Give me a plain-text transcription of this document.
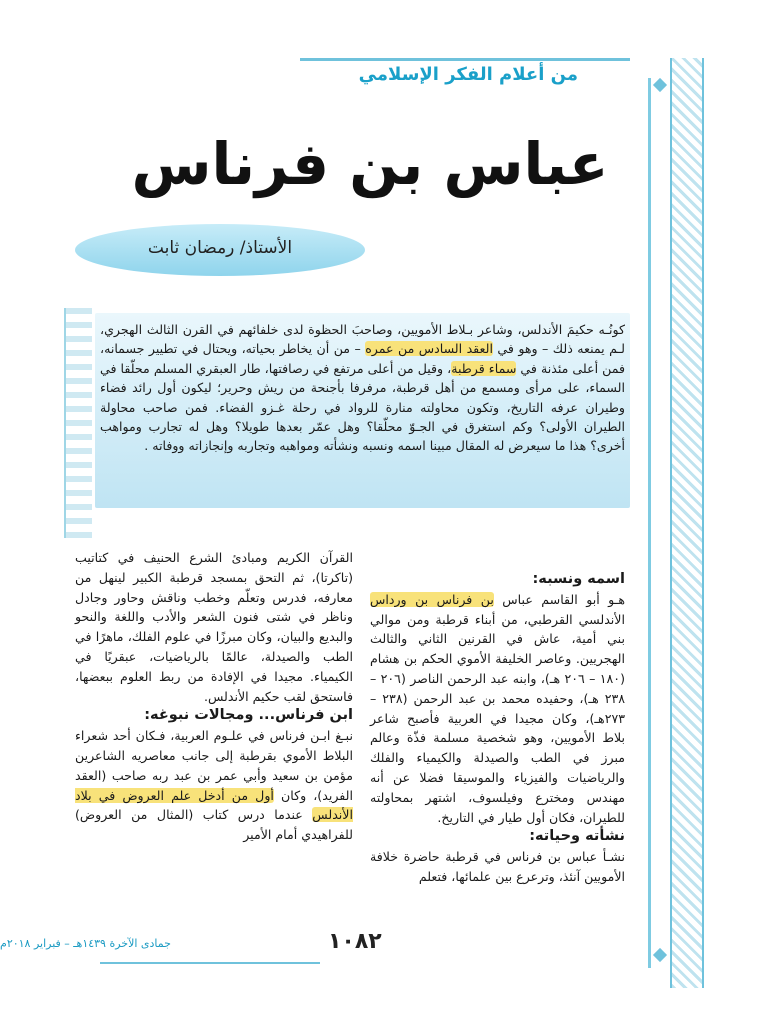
من أعلام الفكر الإسلامي
عباس بن فرناس
الأستاذ/ رمضان ثابت
كونُـه حكيمَ الأندلس، وشاعر بـلاط الأمويين، وصاحبَ الحظوة لدى خلفائهم في القرن الثالث الهجري، لـم يمنعه ذلك – وهو في العقد السادس من عمره – من أن يخاطر بحياته، ويحتال في تطيير جسمانه، فمن أعلى مئذنة في سماء قرطبة، وقيل من أعلى مرتفع في رصافتها، طار العبقري المسلم محلّقا في السماء، على مرأى ومسمع من أهل قرطبة، مرفرفا بأجنحة من ريش وحرير؛ ليكون أول رائد فضاء وطيران عرفه التاريخ، وتكون محاولته منارة للرواد في رحلة غـزو الفضاء. فمن صاحب محاولة الطيران الأولى؟ وكم استغرق في الجـوّ محلّقا؟ وهل عمّر بعدها طويلا؟ وهل له تجارب ومواهب أخرى؟ هذا ما سيعرض له المقال مبينا اسمه ونسبه ونشأته ومواهبه وتجاربه وإنجازاته ووفاته .
اسمه ونسبه:

هـو أبو القاسم عباس بن فرناس بن ورداس الأندلسي القرطبي، من أبناء قرطبة ومن موالي بني أمية، عاش في القرنين الثاني والثالث الهجريين. وعاصر الخليفة الأموي الحكم بن هشام (١٨٠ – ٢٠٦ هـ)، وابنه عبد الرحمن الناصر (٢٠٦ – ٢٣٨ هـ)، وحفيده محمد بن عبد الرحمن (٢٣٨ – ٢٧٣هـ)، وكان مجيدا في العربية فأصبح شاعر بلاط الأمويين، وهو شخصية مسلمة فذّة وعالم مبرز في الطب والصيدلة والكيمياء والفلك والرياضيات والفيزياء والموسيقا فضلا عن أنه مهندس ومخترع وفيلسوف، اشتهر بمحاولته للطيران، فكان أول طيار في التاريخ.

نشأته وحياته:

نشـأ عباس بن فرناس في قرطبة حاضرة خلافة الأمويين آنئذ، وترعرع بين علمائها، فتعلم

القرآن الكريم ومبادئ الشرع الحنيف في كتاتيب (تاكرتا)، ثم التحق بمسجد قرطبة الكبير لينهل من معارفه، فدرس وتعلّم وخطب وناقش وحاور وجادل وناظر في شتى فنون الشعر والأدب واللغة والنحو والبديع والبيان، وكان مبرزًا في علوم الفلك، ماهرًا في الطب والصيدلة، عالمًا بالرياضيات، عبقريًا في الكيمياء. مجيدا في الإفادة من ربط العلوم ببعضها، فاستحق لقب حكيم الأندلس.

ابن فرناس... ومجالات نبوغه:

نبـغ ابـن فرناس في علـوم العربية، فـكان أحد شعراء البلاط الأموي بقرطبة إلى جانب معاصريه الشاعرين مؤمن بن سعيد وأبي عمر بن عبد ربه صاحب (العقد الفريد)، وكان أول من أدخل علم العروض في بلاد الأندلس عندما درس كتاب (المثال من العروض) للفراهيدي أمام الأمير

١٠٨٢
جمادى الآخرة ١٤٣٩هـ – فبراير ٢٠١٨م
